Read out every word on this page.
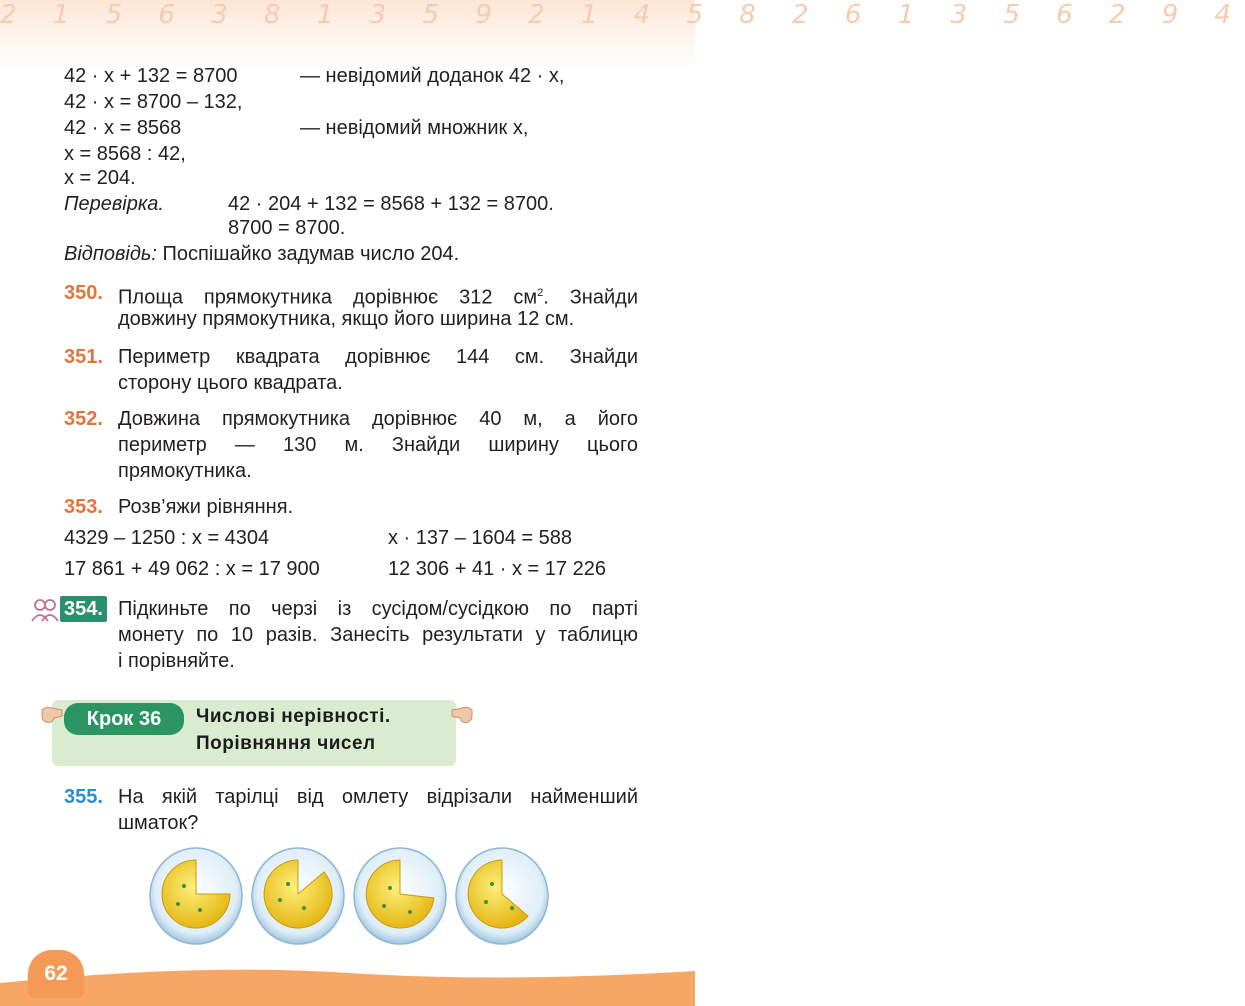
2 1 5 6 3 8 1 3 5 9 2 1 4 5 8 2 6 1 3 5 6 2 9 4
42 · x + 132 = 8700	— невідомий доданок 42 · x,
42 · x = 8700 – 132,
42 · x = 8568	— невідомий множник x,
x = 8568 : 42,
x = 204.
Перевірка.	42 · 204 + 132 = 8568 + 132 = 8700.
8700 = 8700.
Відповідь: Поспішайко задумав число 204.
350. Площа прямокутника дорівнює 312 $см^2$. Знайди
довжину прямокутника, якщо його ширина 12 см.
351. Периметр квадрата дорівнює 144 см. Знайди
сторону цього квадрата.
352. Довжина прямокутника дорівнює 40 м, а його
периметр — 130 м. Знайди ширину цього
прямокутника.
353. Розв’яжи рівняння.
4329 – 1250 : x = 4304	x · 137 – 1604 = 588
17 861 + 49 062 : x = 17 900	12 306 + 41 · x = 17 226
354. Підкиньте по черзі із сусідом/сусідкою по парті
монету по 10 разів. Занесіть результати у таблицю
і порівняйте.
Крок 36	Числові нерівності.
Порівняння чисел
355. На якій тарілці від омлету відрізали найменший
шматок?
62
